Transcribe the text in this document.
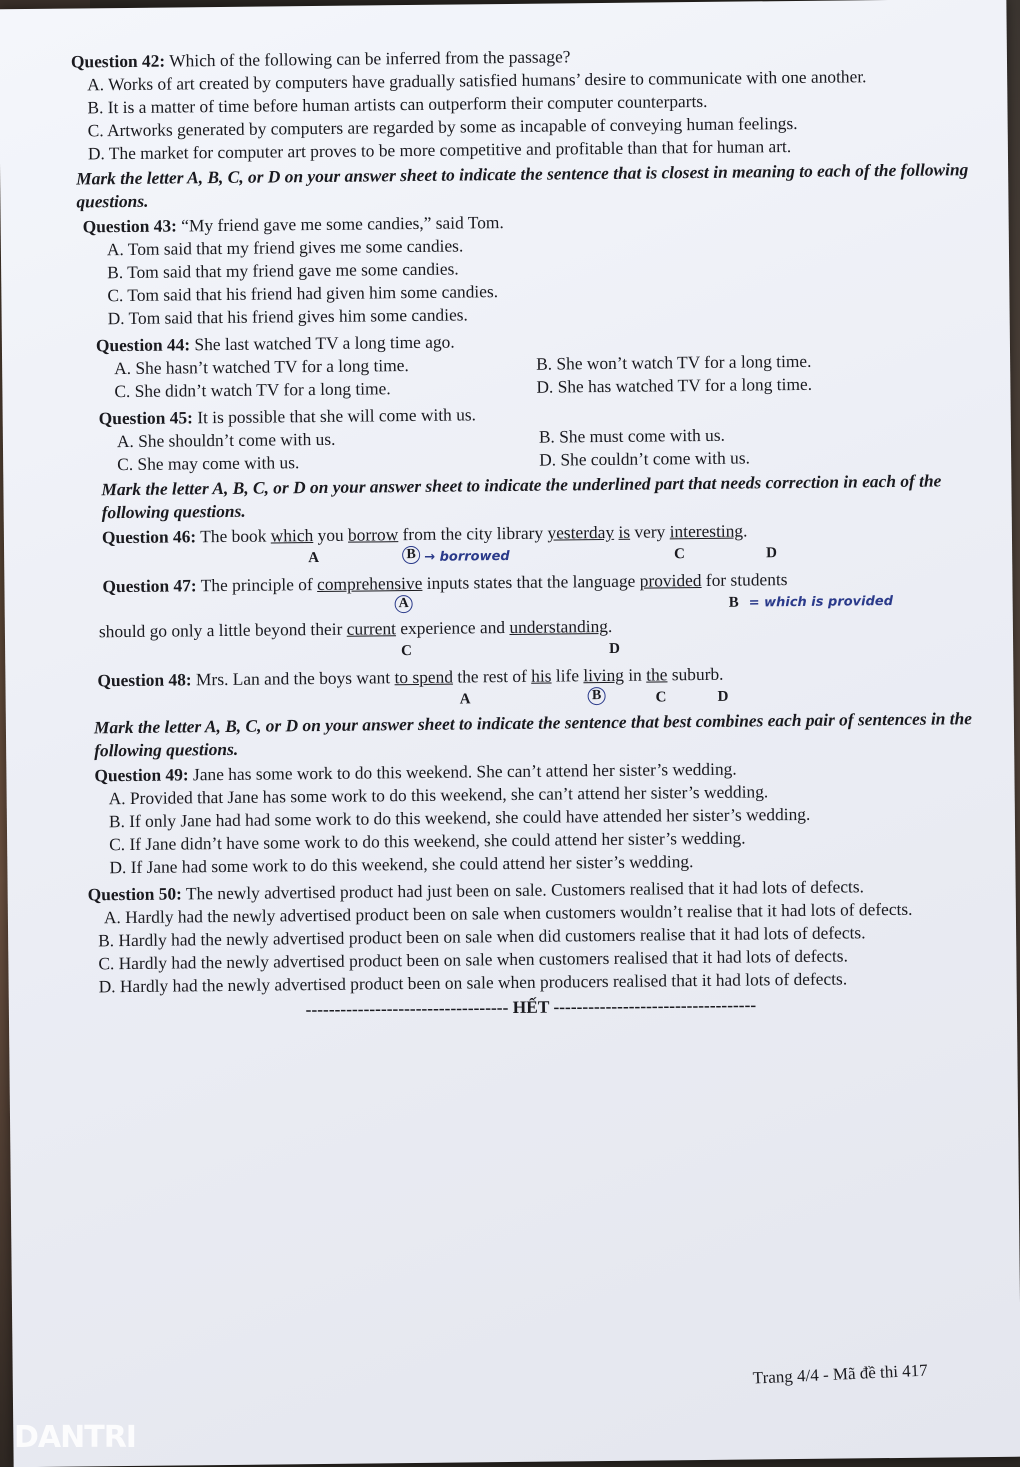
Question 42: Which of the following can be inferred from the passage?

A. Works of art created by computers have gradually satisfied humans’ desire to communicate with one another.

B. It is a matter of time before human artists can outperform their computer counterparts.

C. Artworks generated by computers are regarded by some as incapable of conveying human feelings.

D. The market for computer art proves to be more competitive and profitable than that for human art.

Mark the letter A, B, C, or D on your answer sheet to indicate the sentence that is closest in meaning to each of the following questions.

Question 43: “My friend gave me some candies,” said Tom.

A. Tom said that my friend gives me some candies.

B. Tom said that my friend gave me some candies.

C. Tom said that his friend had given him some candies.

D. Tom said that his friend gives him some candies.

Question 44: She last watched TV a long time ago.

A. She hasn’t watched TV for a long time.	B. She won’t watch TV for a long time.
C. She didn’t watch TV for a long time.	D. She has watched TV for a long time.

Question 45: It is possible that she will come with us.

A. She shouldn’t come with us.	B. She must come with us.
C. She may come with us.	D. She couldn’t come with us.

Mark the letter A, B, C, or D on your answer sheet to indicate the underlined part that needs correction in each of the following questions.

Question 46: The book which you borrow from the city library yesterday is very interesting.

A	B → borrowed	C	D

Question 47: The principle of comprehensive inputs states that the language provided for students

A	B = which is provided

should go only a little beyond their current experience and understanding.

C	D

Question 48: Mrs. Lan and the boys want to spend the rest of his life living in the suburb.

A	B	C	D

Mark the letter A, B, C, or D on your answer sheet to indicate the sentence that best combines each pair of sentences in the following questions.

Question 49: Jane has some work to do this weekend. She can’t attend her sister’s wedding.

A. Provided that Jane has some work to do this weekend, she can’t attend her sister’s wedding.

B. If only Jane had had some work to do this weekend, she could have attended her sister’s wedding.

C. If Jane didn’t have some work to do this weekend, she could attend her sister’s wedding.

D. If Jane had some work to do this weekend, she could attend her sister’s wedding.

Question 50: The newly advertised product had just been on sale. Customers realised that it had lots of defects.

A. Hardly had the newly advertised product been on sale when customers wouldn’t realise that it had lots of defects.

B. Hardly had the newly advertised product been on sale when did customers realise that it had lots of defects.

C. Hardly had the newly advertised product been on sale when customers realised that it had lots of defects.

D. Hardly had the newly advertised product been on sale when producers realised that it had lots of defects.

----------------------------------- HẾT -----------------------------------

Trang 4/4 - Mã đề thi 417
DANTRI
